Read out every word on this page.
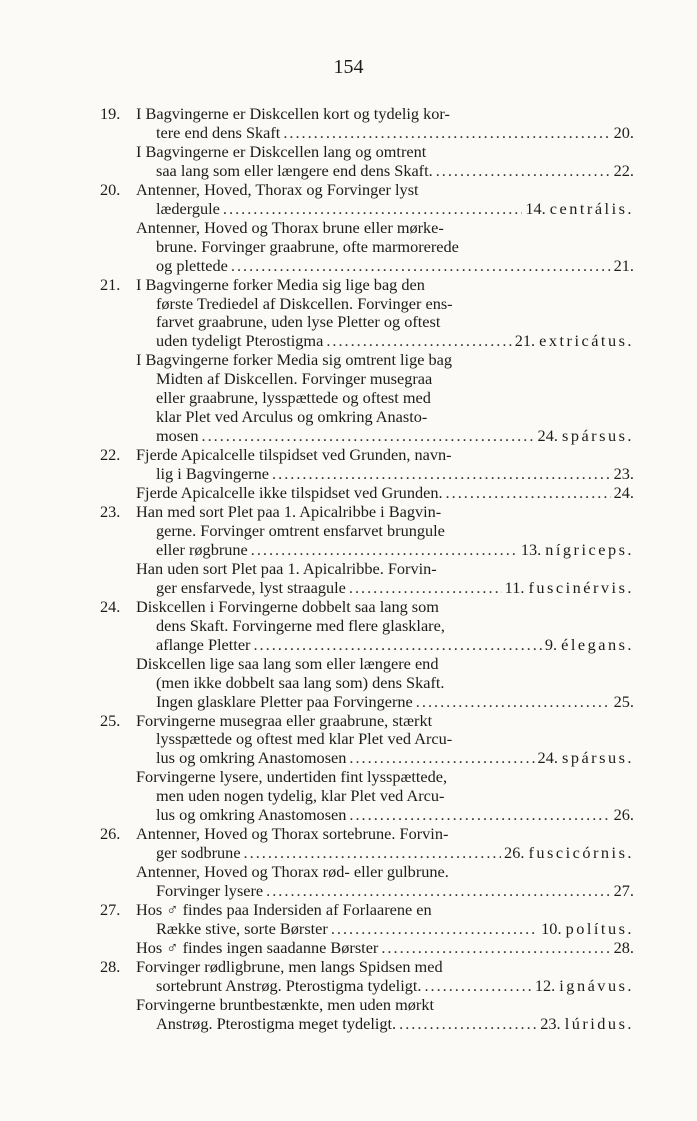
154
19. I Bagvingerne er Diskcellen kort og tydelig kor-
tere end dens Skaft .....	20.
I Bagvingerne er Diskcellen lang og omtrent
saa lang som eller længere end dens Skaft. .....	22.
20. Antenner, Hoved, Thorax og Forvinger lyst
lædergule .....	14. centrális.
Antenner, Hoved og Thorax brune eller mørke-
brune. Forvinger graabrune, ofte marmorerede
og plettede .....	21.
21. I Bagvingerne forker Media sig lige bag den
første Trediedel af Diskcellen. Forvinger ens-
farvet graabrune, uden lyse Pletter og oftest
uden tydeligt Pterostigma .....	21. extricátus.
I Bagvingerne forker Media sig omtrent lige bag
Midten af Diskcellen. Forvinger musegraa
eller graabrune, lysspættede og oftest med
klar Plet ved Arculus og omkring Anasto-
mosen .....	24. spársus.
22. Fjerde Apicalcelle tilspidset ved Grunden, navn-
lig i Bagvingerne .....	23.
Fjerde Apicalcelle ikke tilspidset ved Grunden. .....	24.
23. Han med sort Plet paa 1. Apicalribbe i Bagvin-
gerne. Forvinger omtrent ensfarvet brungule
eller røgbrune .....	13. nígriceps.
Han uden sort Plet paa 1. Apicalribbe. Forvin-
ger ensfarvede, lyst straagule .....	11. fuscinérvis.
24. Diskcellen i Forvingerne dobbelt saa lang som
dens Skaft. Forvingerne med flere glasklare,
aflange Pletter .....	9. élegans.
Diskcellen lige saa lang som eller længere end
(men ikke dobbelt saa lang som) dens Skaft.
Ingen glasklare Pletter paa Forvingerne .....	25.
25. Forvingerne musegraa eller graabrune, stærkt
lysspættede og oftest med klar Plet ved Arcu-
lus og omkring Anastomosen .....	24. spársus.
Forvingerne lysere, undertiden fint lysspættede,
men uden nogen tydelig, klar Plet ved Arcu-
lus og omkring Anastomosen .....	26.
26. Antenner, Hoved og Thorax sortebrune. Forvin-
ger sodbrune .....	26. fuscicórnis.
Antenner, Hoved og Thorax rød- eller gulbrune.
Forvinger lysere .....	27.
27. Hos ♂ findes paa Indersiden af Forlaarene en
Række stive, sorte Børster .....	10. polítus.
Hos ♂ findes ingen saadanne Børster .....	28.
28. Forvinger rødligbrune, men langs Spidsen med
sortebrunt Anstrøg. Pterostigma tydeligt. .....	12. ignávus.
Forvingerne bruntbestænkte, men uden mørkt
Anstrøg. Pterostigma meget tydeligt. .....	23. lúridus.
